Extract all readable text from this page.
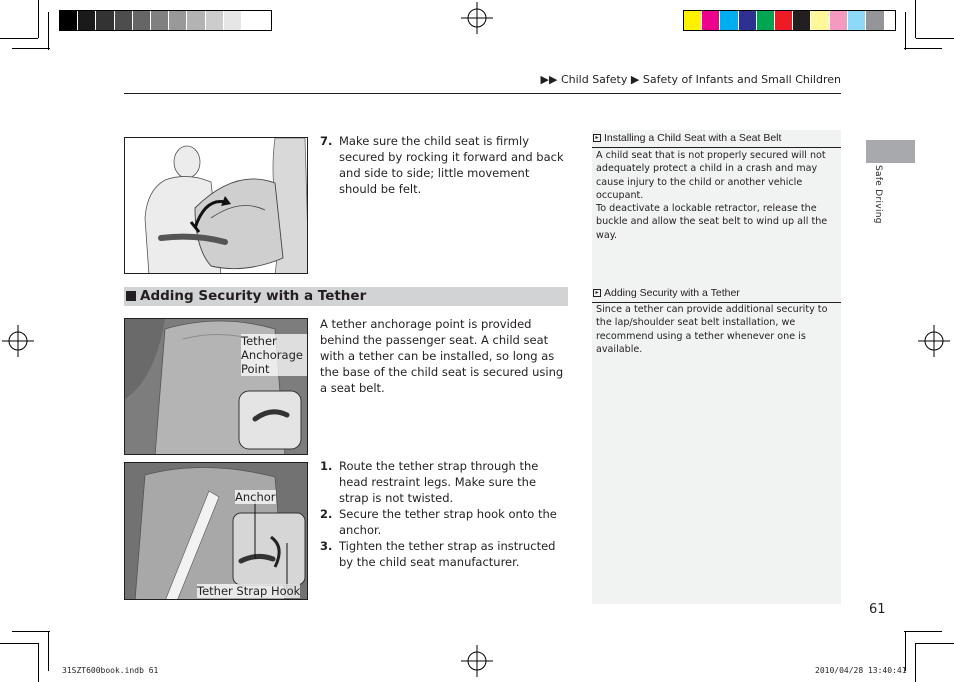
▶▶ Child Safety ▶ Safety of Infants and Small Children
Safe Driving
7. Make sure the child seat is firmly secured by rocking it forward and back and side to side; little movement should be felt.
Adding Security with a Tether
Tether Anchorage Point

A tether anchorage point is provided behind the passenger seat. A child seat with a tether can be installed, so long as the base of the child seat is secured using a seat belt.

Anchor
Tether Strap Hook
1. Route the tether strap through the head restraint legs. Make sure the strap is not twisted.
2. Secure the tether strap hook onto the anchor.
3. Tighten the tether strap as instructed by the child seat manufacturer.
▸ Installing a Child Seat with a Seat Belt

A child seat that is not properly secured will not adequately protect a child in a crash and may cause injury to the child or another vehicle occupant.

To deactivate a lockable retractor, release the buckle and allow the seat belt to wind up all the way.

▸ Adding Security with a Tether

Since a tether can provide additional security to the lap/shoulder seat belt installation, we recommend using a tether whenever one is available.

61
31SZT600book.indb 61	2010/04/28 13:40:41
